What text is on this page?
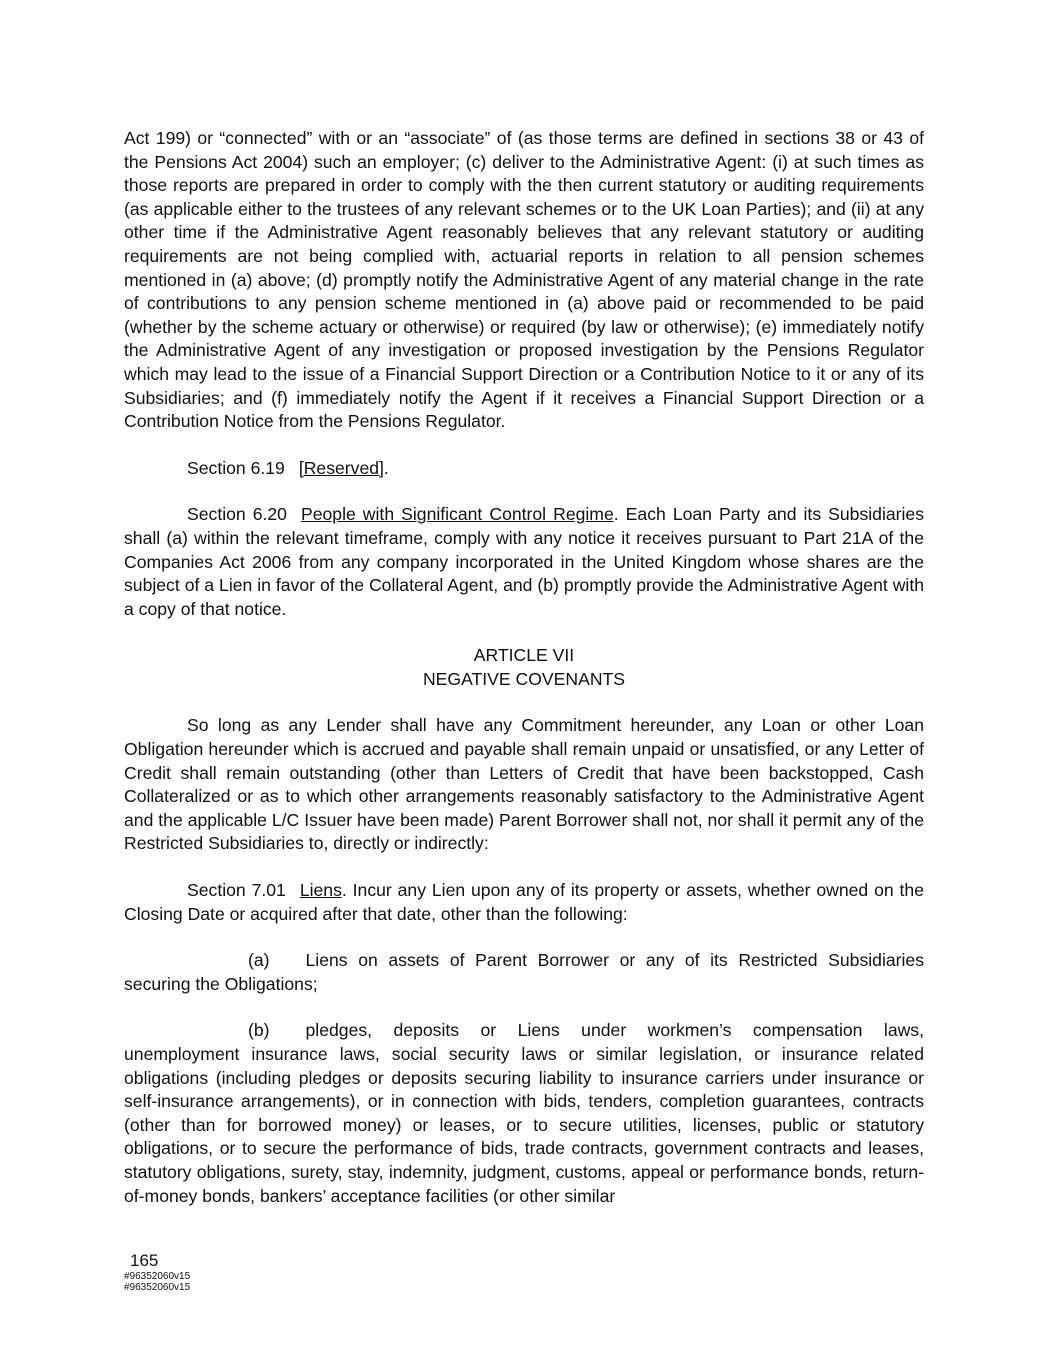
Act 199) or “connected” with or an “associate” of (as those terms are defined in sections 38 or 43 of the Pensions Act 2004) such an employer; (c) deliver to the Administrative Agent: (i) at such times as those reports are prepared in order to comply with the then current statutory or auditing requirements (as applicable either to the trustees of any relevant schemes or to the UK Loan Parties); and (ii) at any other time if the Administrative Agent reasonably believes that any relevant statutory or auditing requirements are not being complied with, actuarial reports in relation to all pension schemes mentioned in (a) above; (d) promptly notify the Administrative Agent of any material change in the rate of contributions to any pension scheme mentioned in (a) above paid or recommended to be paid (whether by the scheme actuary or otherwise) or required (by law or otherwise); (e) immediately notify the Administrative Agent of any investigation or proposed investigation by the Pensions Regulator which may lead to the issue of a Financial Support Direction or a Contribution Notice to it or any of its Subsidiaries; and (f) immediately notify the Agent if it receives a Financial Support Direction or a Contribution Notice from the Pensions Regulator.

Section 6.19 [Reserved].

Section 6.20 People with Significant Control Regime. Each Loan Party and its Subsidiaries shall (a) within the relevant timeframe, comply with any notice it receives pursuant to Part 21A of the Companies Act 2006 from any company incorporated in the United Kingdom whose shares are the subject of a Lien in favor of the Collateral Agent, and (b) promptly provide the Administrative Agent with a copy of that notice.

ARTICLE VII
NEGATIVE COVENANTS

So long as any Lender shall have any Commitment hereunder, any Loan or other Loan Obligation hereunder which is accrued and payable shall remain unpaid or unsatisfied, or any Letter of Credit shall remain outstanding (other than Letters of Credit that have been backstopped, Cash Collateralized or as to which other arrangements reasonably satisfactory to the Administrative Agent and the applicable L/C Issuer have been made) Parent Borrower shall not, nor shall it permit any of the Restricted Subsidiaries to, directly or indirectly:

Section 7.01 Liens. Incur any Lien upon any of its property or assets, whether owned on the Closing Date or acquired after that date, other than the following:

(a) Liens on assets of Parent Borrower or any of its Restricted Subsidiaries securing the Obligations;

(b) pledges, deposits or Liens under workmen’s compensation laws, unemployment insurance laws, social security laws or similar legislation, or insurance related obligations (including pledges or deposits securing liability to insurance carriers under insurance or self-insurance arrangements), or in connection with bids, tenders, completion guarantees, contracts (other than for borrowed money) or leases, or to secure utilities, licenses, public or statutory obligations, or to secure the performance of bids, trade contracts, government contracts and leases, statutory obligations, surety, stay, indemnity, judgment, customs, appeal or performance bonds, return-of-money bonds, bankers’ acceptance facilities (or other similar

165
#96352060v15
#96352060v15
